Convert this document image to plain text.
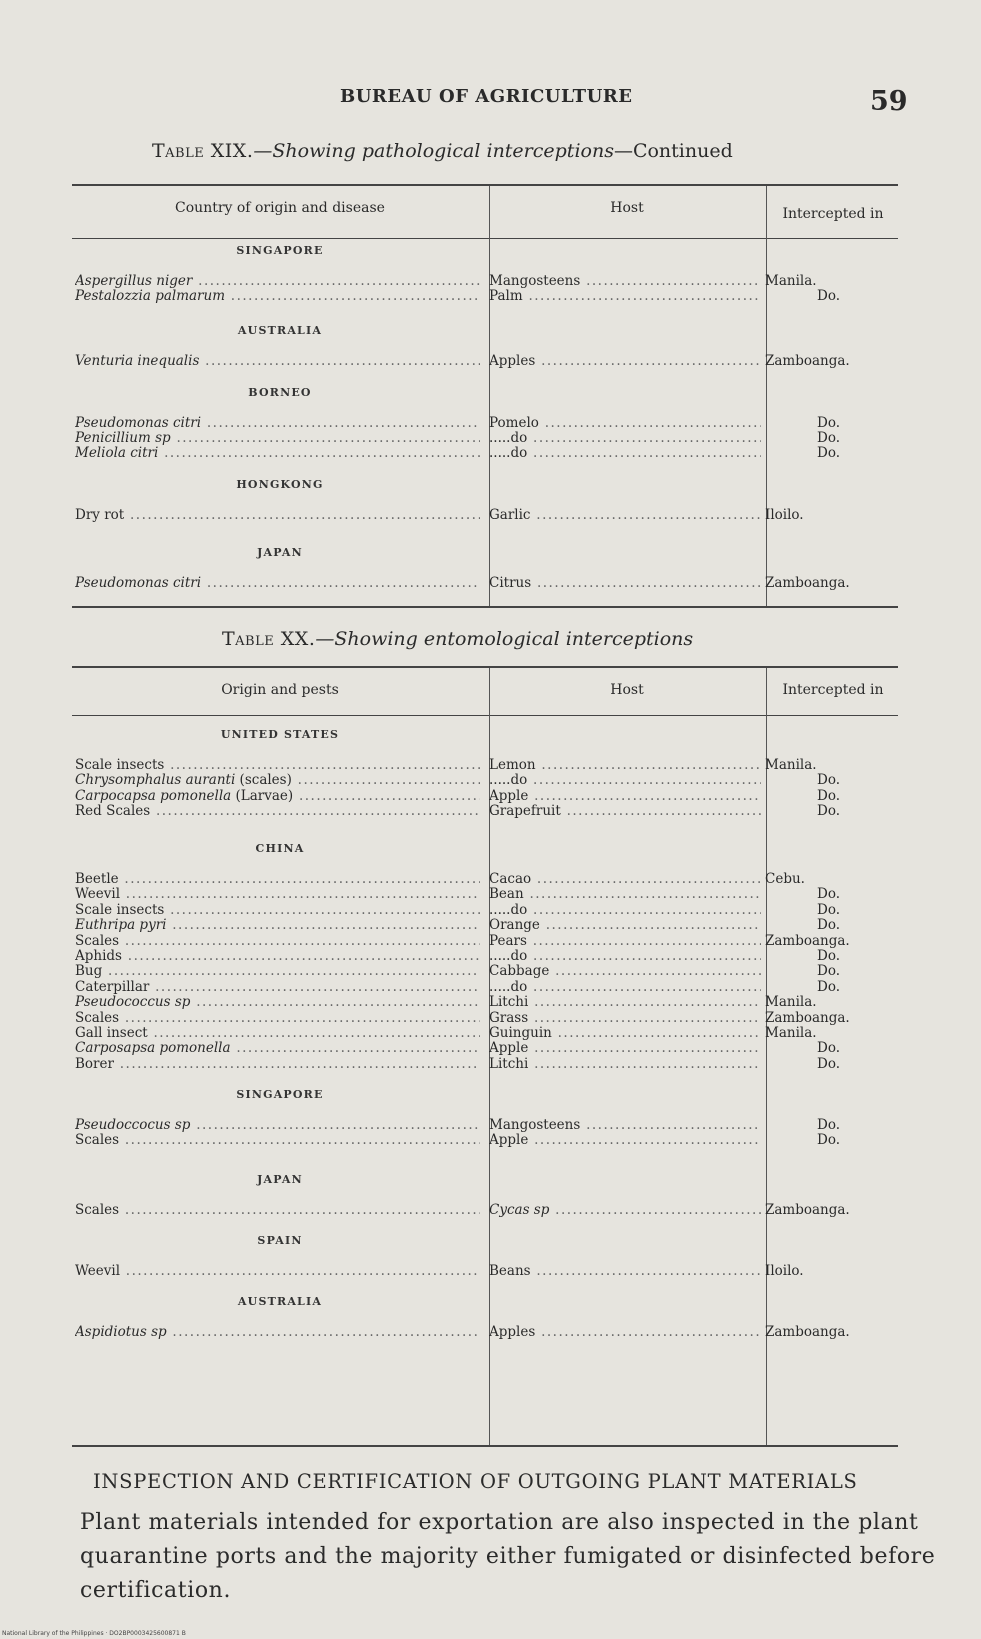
BUREAU OF AGRICULTURE	59
Table XIX.—Showing pathological interceptions—Continued
Country of origin and disease	Host	Intercepted in
SINGAPORE
Aspergillus niger .....	Mangosteens .....	Manila.
Pestalozzia palmarum .....	Palm .....	Do.
AUSTRALIA
Venturia inequalis .....	Apples .....	Zamboanga.
BORNEO
Pseudomonas citri .....	Pomelo .....	Do.
Penicillium sp .....	.....do .....	Do.
Meliola citri .....	.....do .....	Do.
HONGKONG
Dry rot .....	Garlic .....	Iloilo.
JAPAN
Pseudomonas citri .....	Citrus .....	Zamboanga.
Table XX.—Showing entomological interceptions
Origin and pests	Host	Intercepted in
UNITED STATES
Scale insects .....	Lemon .....	Manila.
Chrysomphalus auranti (scales) .....	.....do .....	Do.
Carpocapsa pomonella (Larvae) .....	Apple .....	Do.
Red Scales .....	Grapefruit .....	Do.
CHINA
Beetle .....	Cacao .....	Cebu.
Weevil .....	Bean .....	Do.
Scale insects .....	.....do .....	Do.
Euthripa pyri .....	Orange .....	Do.
Scales .....	Pears .....	Zamboanga.
Aphids .....	.....do .....	Do.
Bug .....	Cabbage .....	Do.
Caterpillar .....	.....do .....	Do.
Pseudococcus sp .....	Litchi .....	Manila.
Scales .....	Grass .....	Zamboanga.
Gall insect .....	Guinguin .....	Manila.
Carposapsa pomonella .....	Apple .....	Do.
Borer .....	Litchi .....	Do.
SINGAPORE
Pseudoccocus sp .....	Mangosteens .....	Do.
Scales .....	Apple .....	Do.
JAPAN
Scales .....	Cycas sp .....	Zamboanga.
SPAIN
Weevil .....	Beans .....	Iloilo.
AUSTRALIA
Aspidiotus sp .....	Apples .....	Zamboanga.
INSPECTION AND CERTIFICATION OF OUTGOING PLANT MATERIALS
Plant materials intended for exportation are also inspected in the plant quarantine ports and the majority either fumigated or disinfected before certification.
National Library of the Philippines · DO2BP0003425600871 B
